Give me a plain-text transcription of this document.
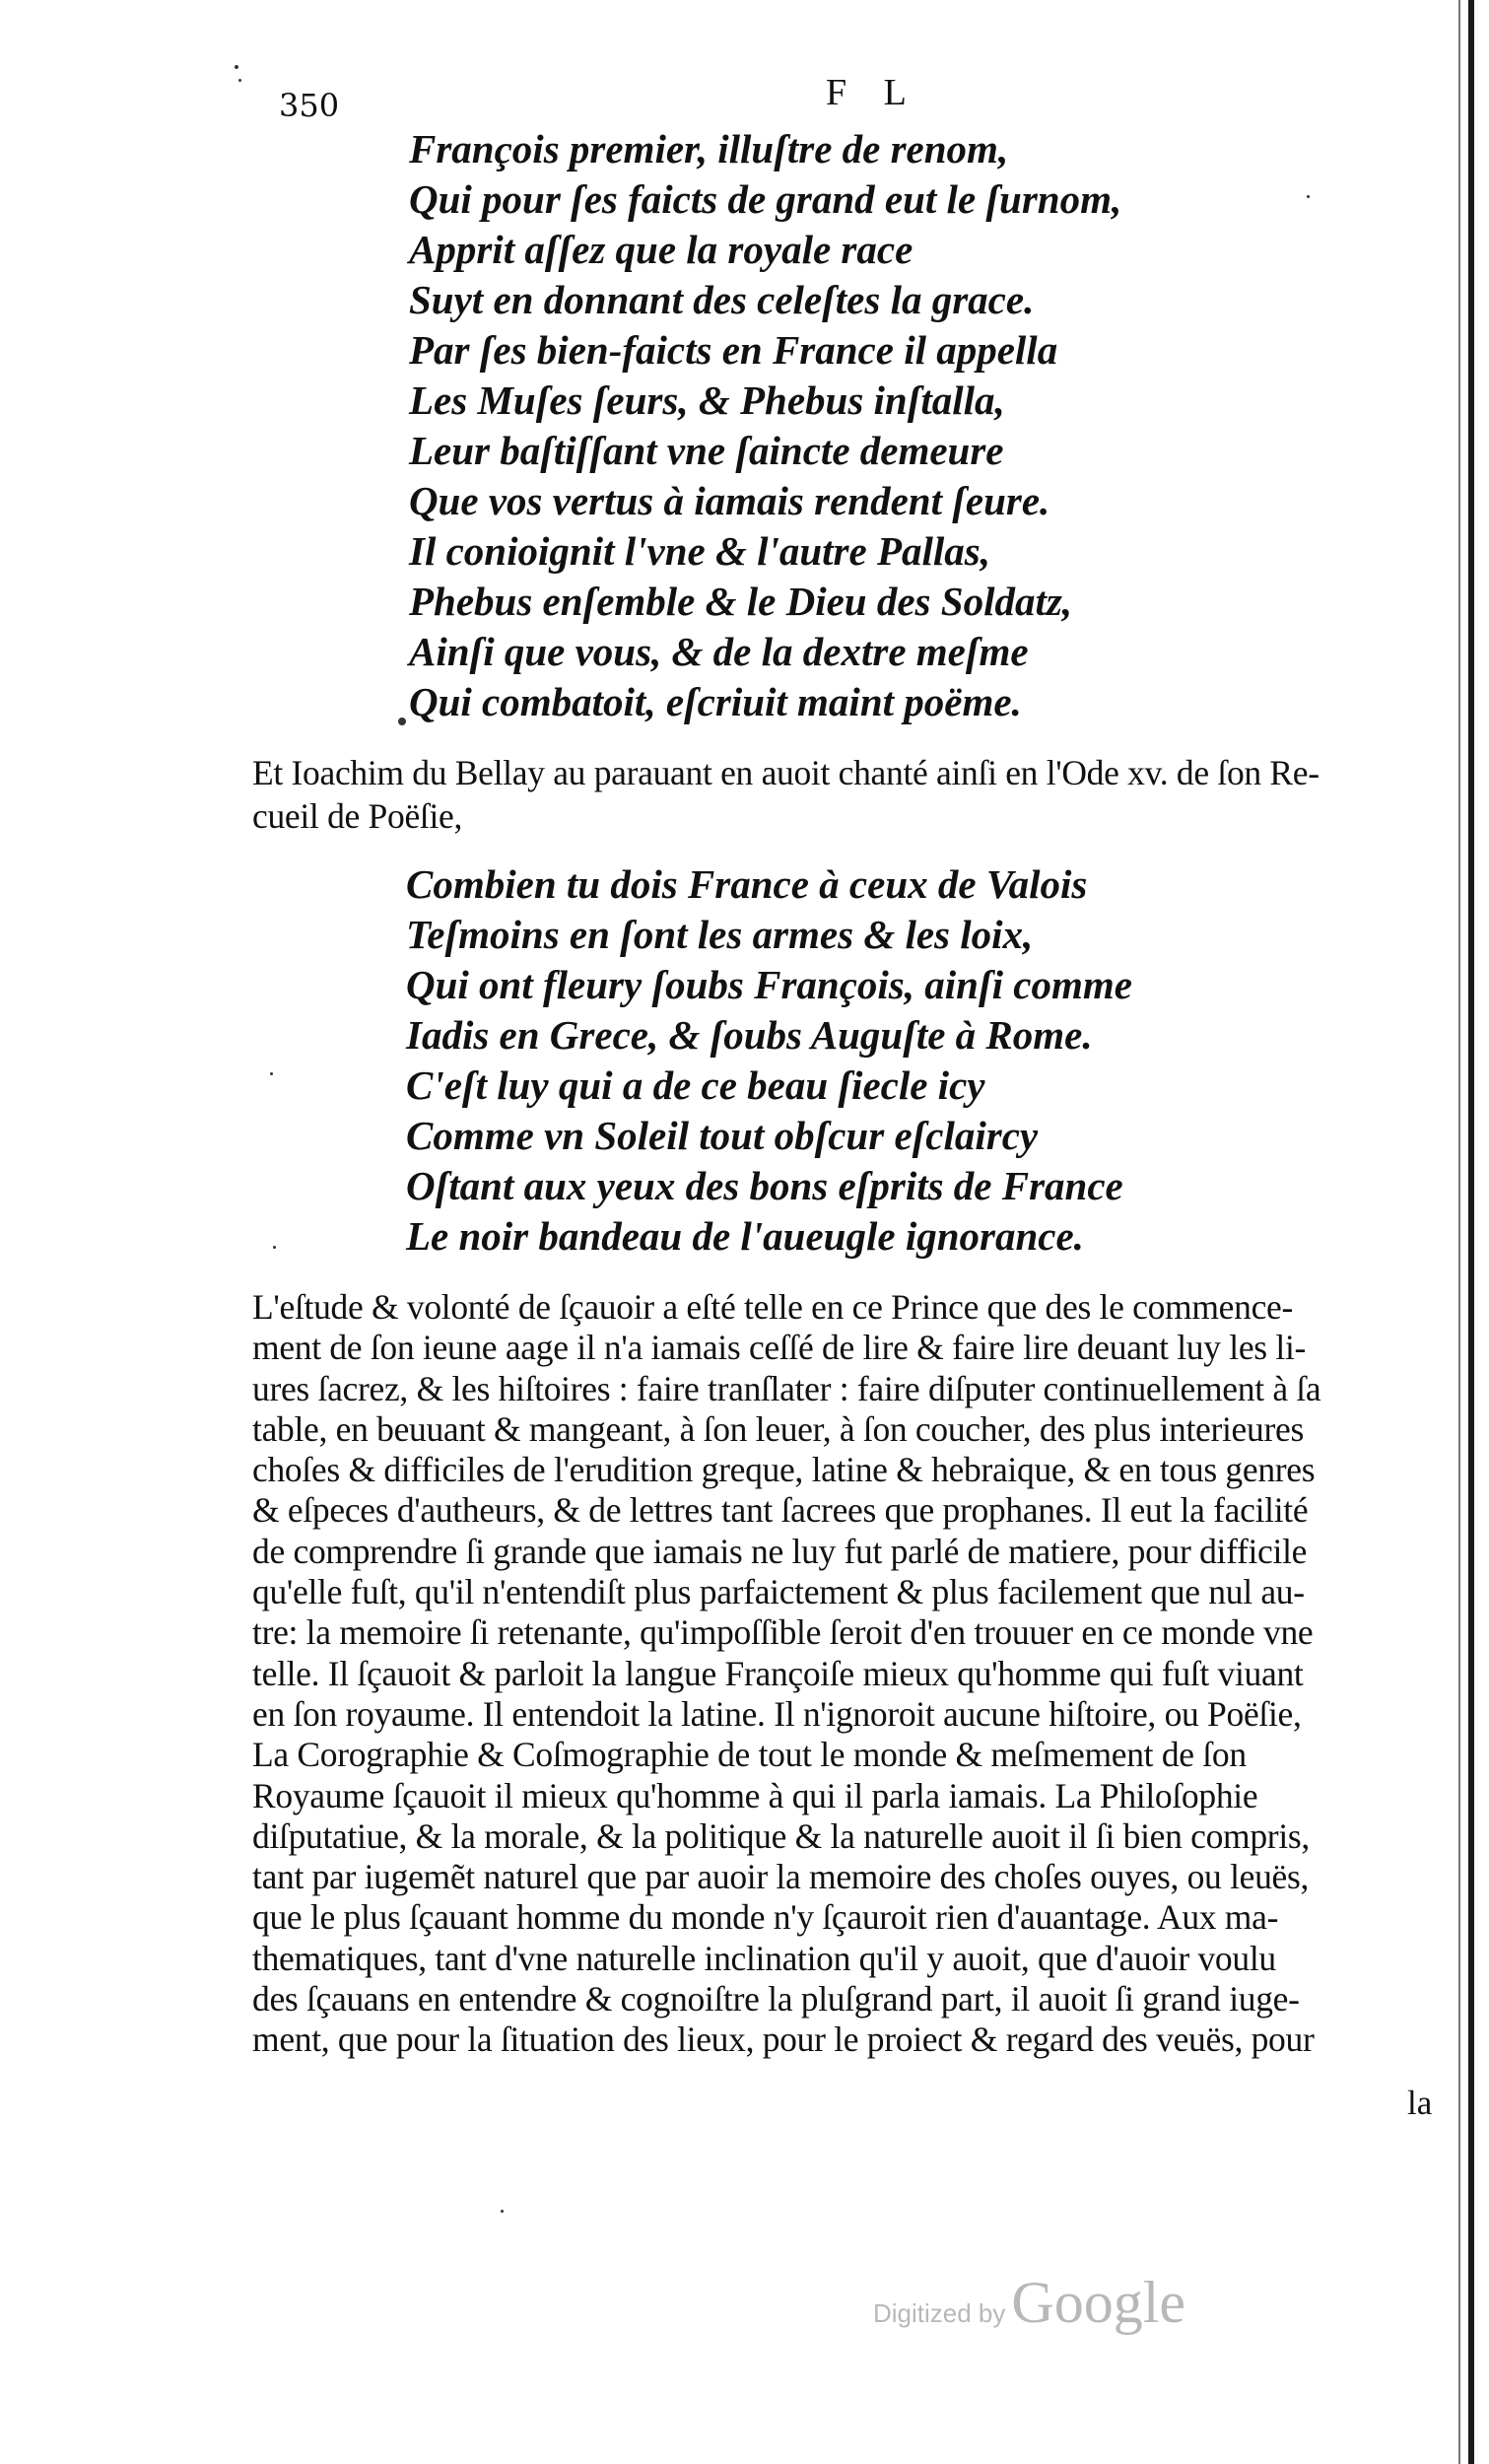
350	F L
François premier, illuſtre de renom,
Qui pour ſes faicts de grand eut le ſurnom,
Apprit aſſez que la royale race
Suyt en donnant des celeſtes la grace.
Par ſes bien-faicts en France il appella
Les Muſes ſeurs, & Phebus inſtalla,
Leur baſtiſſant vne ſaincte demeure
Que vos vertus à iamais rendent ſeure.
Il conioignit l'vne & l'autre Pallas,
Phebus enſemble & le Dieu des Soldatz,
Ainſi que vous, & de la dextre meſme
Qui combatoit, eſcriuit maint poëme.
Et Ioachim du Bellay au parauant en auoit chanté ainſi en l'Ode xv. de ſon Re-
cueil de Poëſie,
Combien tu dois France à ceux de Valois
Teſmoins en ſont les armes & les loix,
Qui ont fleury ſoubs François, ainſi comme
Iadis en Grece, & ſoubs Auguſte à Rome.
C'eſt luy qui a de ce beau ſiecle icy
Comme vn Soleil tout obſcur eſclaircy
Oſtant aux yeux des bons eſprits de France
Le noir bandeau de l'aueugle ignorance.
L'eſtude & volonté de ſçauoir a eſté telle en ce Prince que des le commence-
ment de ſon ieune aage il n'a iamais ceſſé de lire & faire lire deuant luy les li-
ures ſacrez, & les hiſtoires : faire tranſlater : faire diſputer continuellement à ſa
table, en beuuant & mangeant, à ſon leuer, à ſon coucher, des plus interieures
choſes & difficiles de l'erudition greque, latine & hebraique, & en tous genres
& eſpeces d'autheurs, & de lettres tant ſacrees que prophanes. Il eut la facilité
de comprendre ſi grande que iamais ne luy fut parlé de matiere, pour difficile
qu'elle fuſt, qu'il n'entendiſt plus parfaictement & plus facilement que nul au-
tre: la memoire ſi retenante, qu'impoſſible ſeroit d'en trouuer en ce monde vne
telle. Il ſçauoit & parloit la langue Françoiſe mieux qu'homme qui fuſt viuant
en ſon royaume. Il entendoit la latine. Il n'ignoroit aucune hiſtoire, ou Poëſie,
La Corographie & Coſmographie de tout le monde & meſmement de ſon
Royaume ſçauoit il mieux qu'homme à qui il parla iamais. La Philoſophie
diſputatiue, & la morale, & la politique & la naturelle auoit il ſi bien compris,
tant par iugemẽt naturel que par auoir la memoire des choſes ouyes, ou leuës,
que le plus ſçauant homme du monde n'y ſçauroit rien d'auantage. Aux ma-
thematiques, tant d'vne naturelle inclination qu'il y auoit, que d'auoir voulu
des ſçauans en entendre & cognoiſtre la pluſgrand part, il auoit ſi grand iuge-
ment, que pour la ſituation des lieux, pour le proiect & regard des veuës, pour
la
Digitized by Google
